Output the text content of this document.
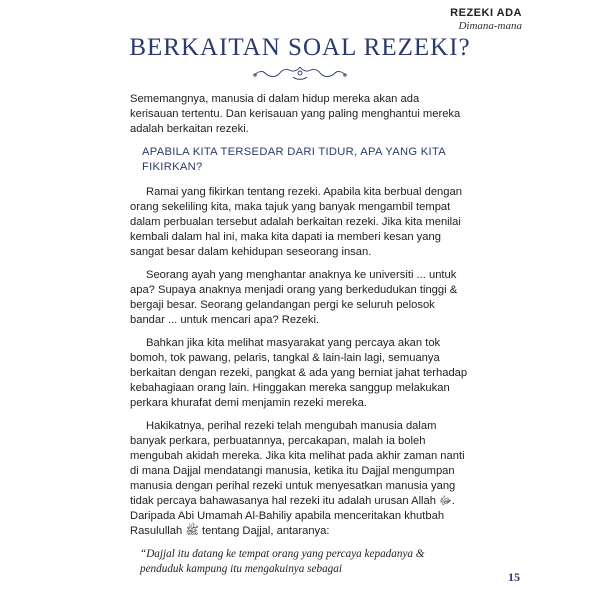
REZEKI ADA
Dimana-mana
BERKAITAN SOAL REZEKI?

Sememangnya, manusia di dalam hidup mereka akan ada kerisauan tertentu. Dan kerisauan yang paling menghantui mereka adalah berkaitan rezeki.

APABILA KITA TERSEDAR DARI TIDUR, APA YANG KITA FIKIRKAN?

Ramai yang fikirkan tentang rezeki. Apabila kita berbual dengan orang sekeliling kita, maka tajuk yang banyak mengambil tempat dalam perbualan tersebut adalah berkaitan rezeki. Jika kita menilai kembali dalam hal ini, maka kita dapati ia memberi kesan yang sangat besar dalam kehidupan seseorang insan.

Seorang ayah yang menghantar anaknya ke universiti ... untuk apa? Supaya anaknya menjadi orang yang berkedudukan tinggi & bergaji besar. Seorang gelandangan pergi ke seluruh pelosok bandar ... untuk mencari apa? Rezeki.

Bahkan jika kita melihat masyarakat yang percaya akan tok bomoh, tok pawang, pelaris, tangkal & lain-lain lagi, semuanya berkaitan dengan rezeki, pangkat & ada yang berniat jahat terhadap kebahagiaan orang lain. Hinggakan mereka sanggup melakukan perkara khurafat demi menjamin rezeki mereka.

Hakikatnya, perihal rezeki telah mengubah manusia dalam banyak perkara, perbuatannya, percakapan, malah ia boleh mengubah akidah mereka. Jika kita melihat pada akhir zaman nanti di mana Dajjal mendatangi manusia, ketika itu Dajjal mengumpan manusia dengan perihal rezeki untuk menyesatkan manusia yang tidak percaya bahawasanya hal rezeki itu adalah urusan Allah ﷻ. Daripada Abi Umamah Al-Bahiliy apabila menceritakan khutbah Rasulullah ﷺ tentang Dajjal, antaranya:

“Dajjal itu datang ke tempat orang yang percaya kepadanya & penduduk kampung itu mengakuinya sebagai
15
